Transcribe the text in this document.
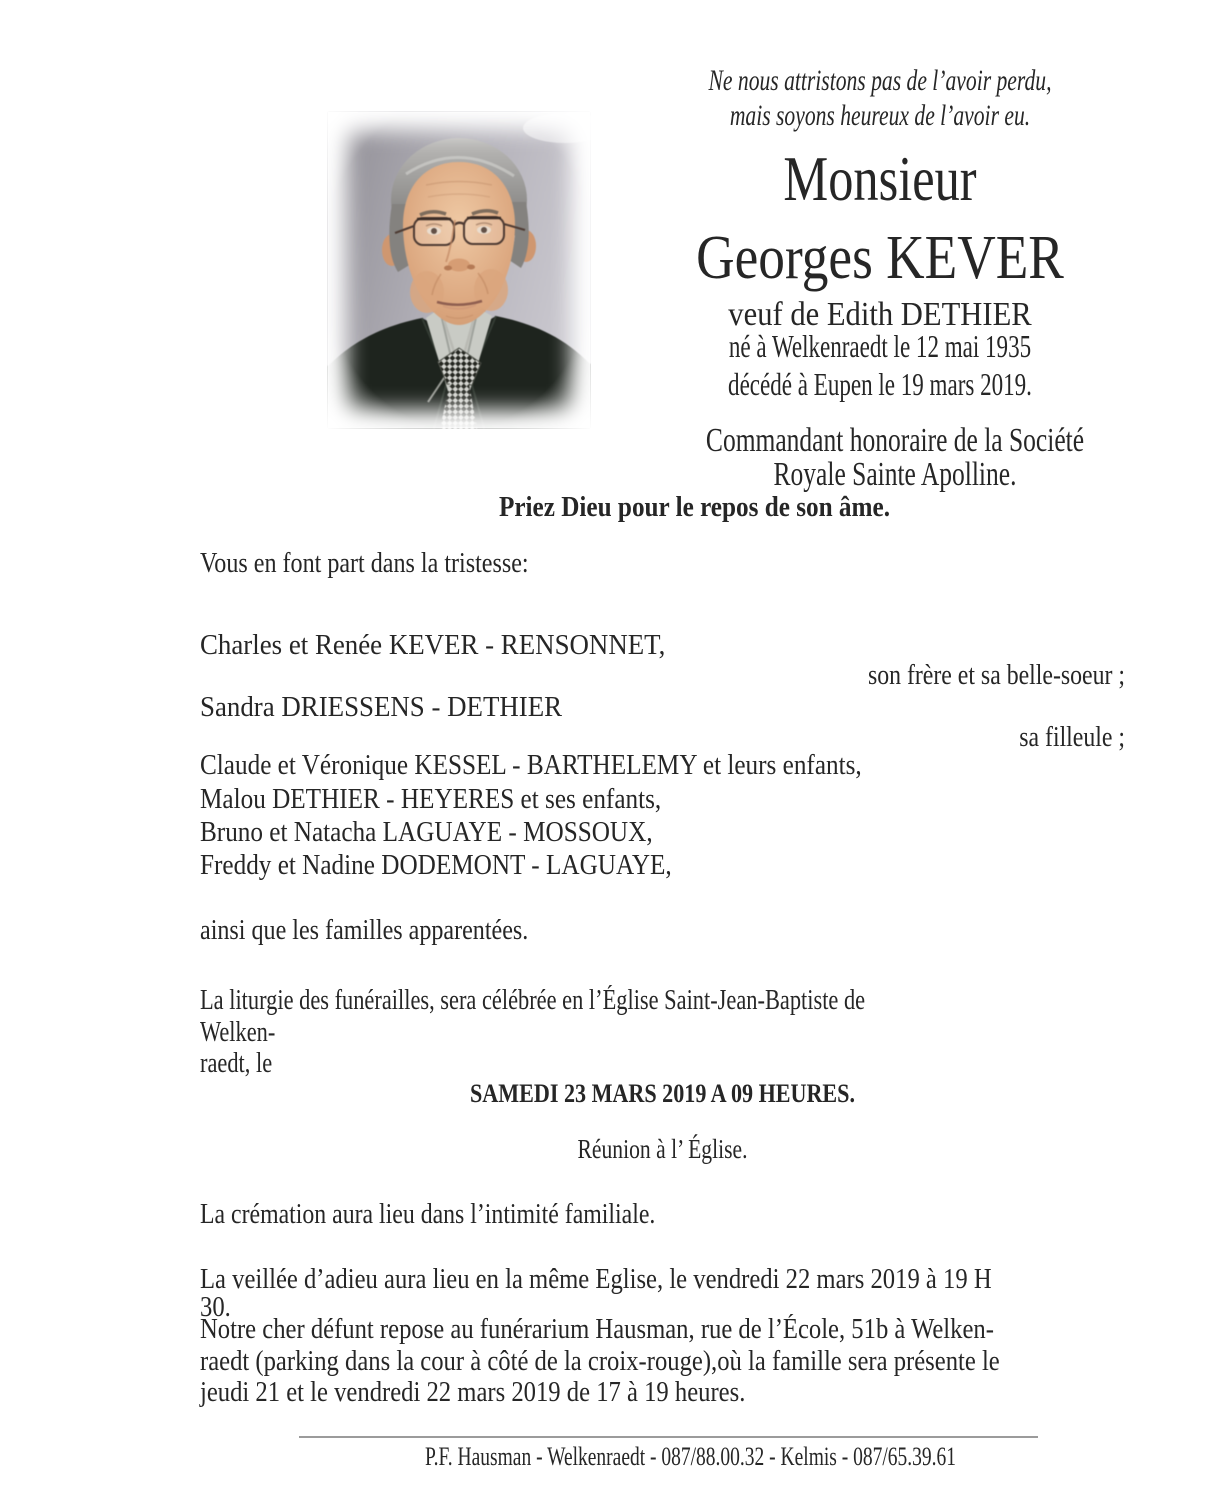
Ne nous attristons pas de l’avoir perdu,
mais soyons heureux de l’avoir eu.
Monsieur
Georges KEVER
veuf de Edith DETHIER
né à Welkenraedt le 12 mai 1935
décédé à Eupen le 19 mars 2019.
Commandant honoraire de la Société
Royale Sainte Apolline.
Priez Dieu pour le repos de son âme.
Vous en font part dans la tristesse:
Charles et Renée KEVER - RENSONNET,
son frère et sa belle-soeur ;
Sandra DRIESSENS - DETHIER
sa filleule ;
Claude et Véronique KESSEL - BARTHELEMY et leurs enfants,
Malou DETHIER - HEYERES et ses enfants,
Bruno et Natacha LAGUAYE - MOSSOUX,
Freddy et Nadine DODEMONT - LAGUAYE,
ainsi que les familles apparentées.
La liturgie des funérailles, sera célébrée en l’Église Saint-Jean-Baptiste de Welken-
raedt, le
SAMEDI 23 MARS 2019 A 09 HEURES.
Réunion à l’ Église.
La crémation aura lieu dans l’intimité familiale.
La veillée d’adieu aura lieu en la même Eglise, le vendredi 22 mars 2019 à 19 H 30.
Notre cher défunt repose au funérarium Hausman, rue de l’École, 51b à Welken-
raedt (parking dans la cour à côté de la croix-rouge),où la famille sera présente le
jeudi 21 et le vendredi 22 mars 2019 de 17 à 19 heures.
P.F. Hausman - Welkenraedt - 087/88.00.32 - Kelmis - 087/65.39.61
